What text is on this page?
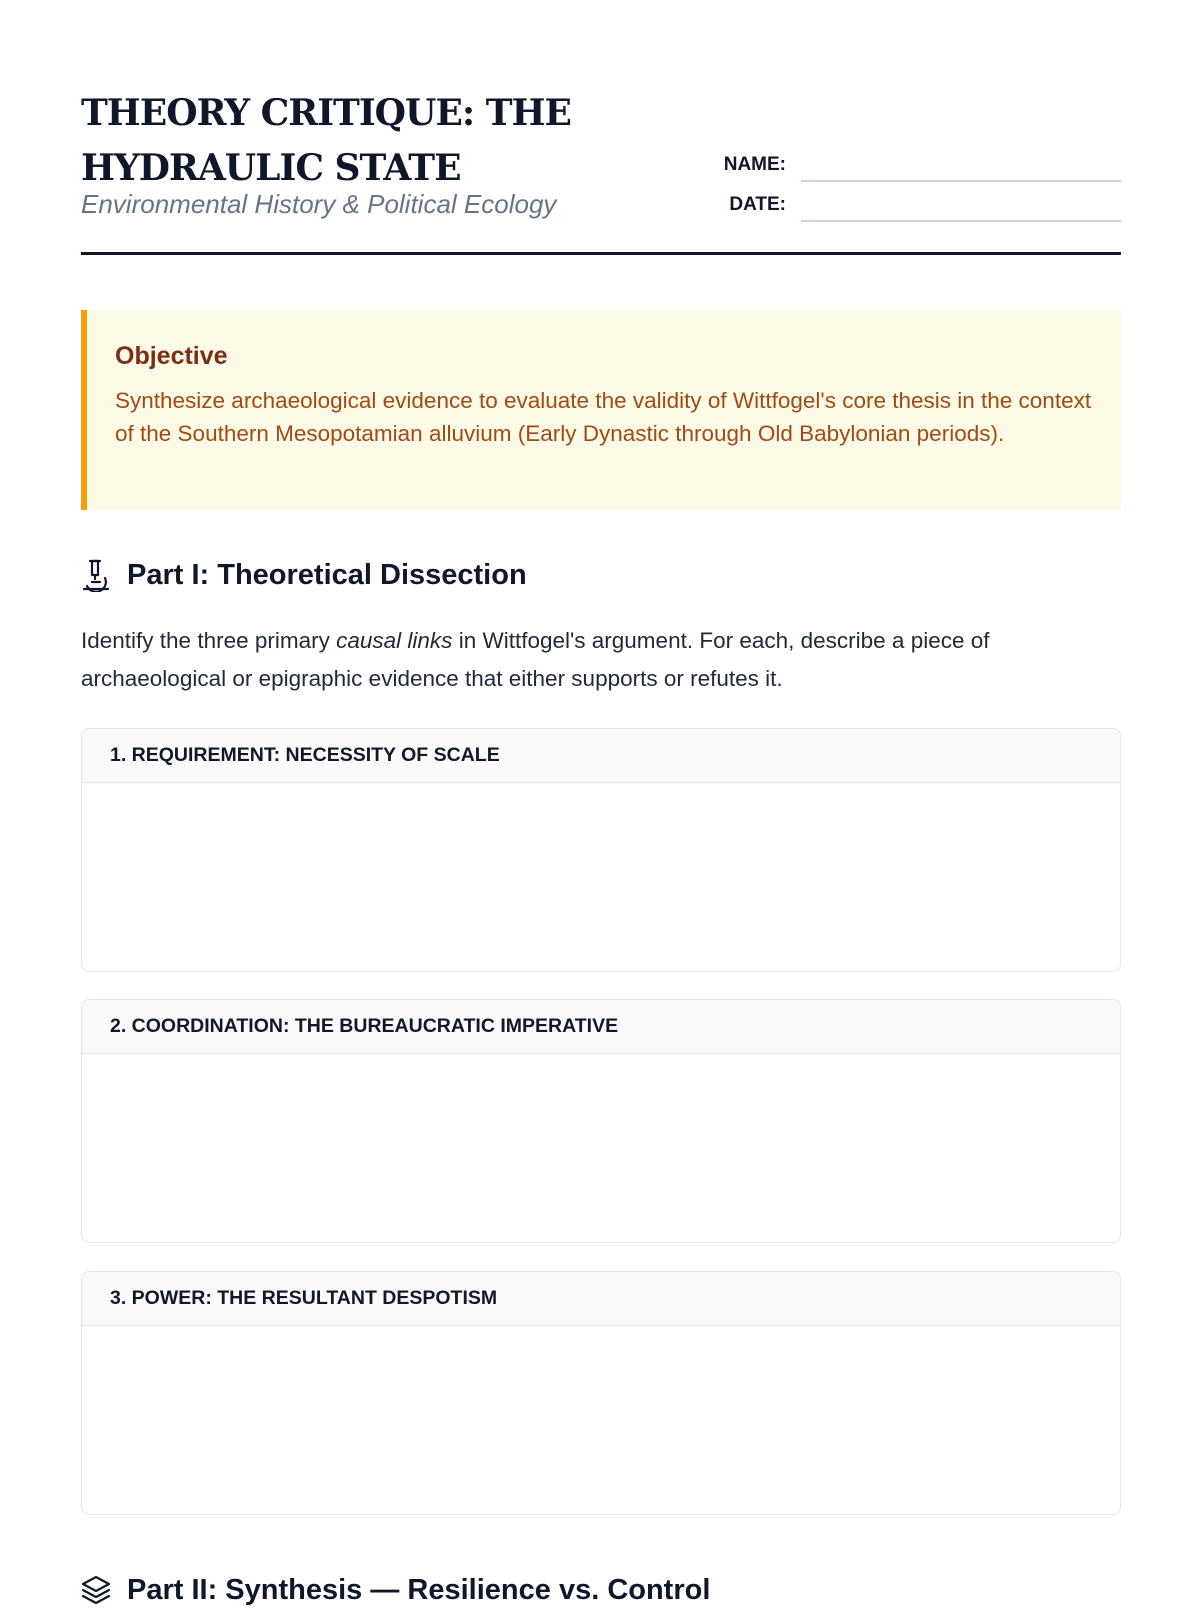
THEORY CRITIQUE: THE HYDRAULIC STATE
Environmental History & Political Ecology
NAME:
DATE:
Objective
Synthesize archaeological evidence to evaluate the validity of Wittfogel's core thesis in the context of the Southern Mesopotamian alluvium (Early Dynastic through Old Babylonian periods).
Part I: Theoretical Dissection
Identify the three primary causal links in Wittfogel's argument. For each, describe a piece of archaeological or epigraphic evidence that either supports or refutes it.
1. REQUIREMENT: NECESSITY OF SCALE
2. COORDINATION: THE BUREAUCRATIC IMPERATIVE
3. POWER: THE RESULTANT DESPOTISM
Part II: Synthesis — Resilience vs. Control
